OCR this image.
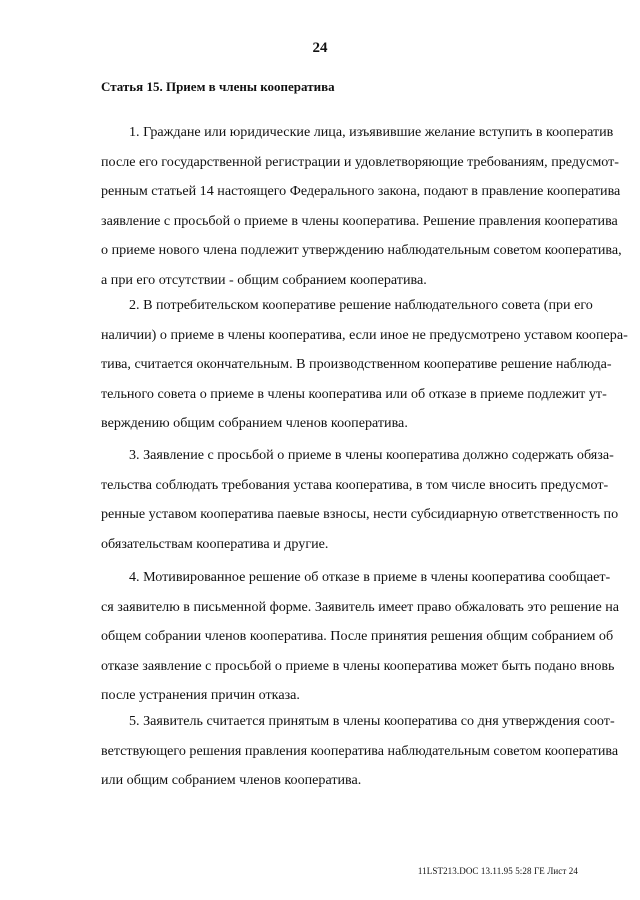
24
Статья 15. Прием в члены кооператива
1. Граждане или юридические лица, изъявившие желание вступить в кооператив
после его государственной регистрации и удовлетворяющие требованиям, предусмот-
ренным статьей 14 настоящего Федерального закона, подают в правление кооператива
заявление с просьбой о приеме в члены кооператива. Решение правления кооператива
о приеме нового члена подлежит утверждению наблюдательным советом кооператива,
а при его отсутствии - общим собранием кооператива.
2. В потребительском кооперативе решение наблюдательного совета (при его
наличии) о приеме в члены кооператива, если иное не предусмотрено уставом коопера-
тива, считается окончательным. В производственном кооперативе решение наблюда-
тельного совета о приеме в члены кооператива или об отказе в приеме подлежит ут-
верждению общим собранием членов кооператива.
3. Заявление с просьбой о приеме в члены кооператива должно содержать обяза-
тельства соблюдать требования устава кооператива, в том числе вносить предусмот-
ренные уставом кооператива паевые взносы, нести субсидиарную ответственность по
обязательствам кооператива и другие.
4. Мотивированное решение об отказе в приеме в члены кооператива сообщает-
ся заявителю в письменной форме. Заявитель имеет право обжаловать это решение на
общем собрании членов кооператива. После принятия решения общим собранием об
отказе заявление с просьбой о приеме в члены кооператива может быть подано вновь
после устранения причин отказа.
5. Заявитель считается принятым в члены кооператива со дня утверждения соот-
ветствующего решения правления кооператива наблюдательным советом кооператива
или общим собранием членов кооператива.
11LST213.DOC 13.11.95 5:28 ГЕ Лист 24
